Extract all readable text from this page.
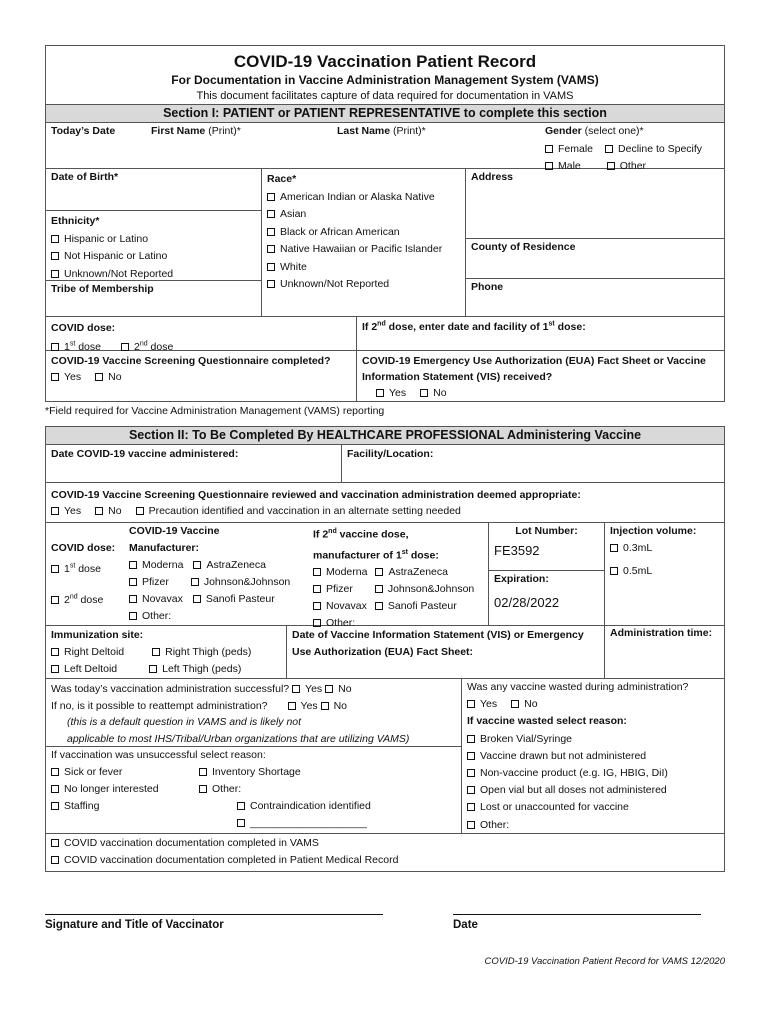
COVID-19 Vaccination Patient Record
For Documentation in Vaccine Administration Management System (VAMS)
This document facilitates capture of data required for documentation in VAMS
Section I: PATIENT or PATIENT REPRESENTATIVE to complete this section
Today’s Date	First Name (Print)*	Last Name (Print)*	Gender (select one)*
Female Decline to Specify
Male	Other
Date of Birth*
Ethnicity*
Hispanic or Latino
Not Hispanic or Latino
Unknown/Not Reported
Tribe of Membership
Race*
American Indian or Alaska Native
Asian
Black or African American
Native Hawaiian or Pacific Islander
White
Unknown/Not Reported
Address
County of Residence
Phone
COVID dose:
1st dose	2nd dose
If 2nd dose, enter date and facility of 1st dose:
COVID-19 Vaccine Screening Questionnaire completed?
Yes	No
COVID-19 Emergency Use Authorization (EUA) Fact Sheet or Vaccine Information Statement (VIS) received?
Yes	No
*Field required for Vaccine Administration Management (VAMS) reporting
Section II: To Be Completed By HEALTHCARE PROFESSIONAL Administering Vaccine
Date COVID-19 vaccine administered:	Facility/Location:
COVID-19 Vaccine Screening Questionnaire reviewed and vaccination administration deemed appropriate:
Yes	No	Precaution identified and vaccination in an alternate setting needed
COVID dose:
1st dose
2nd dose
COVID-19 Vaccine
Manufacturer:
Moderna AstraZeneca
Pfizer	Johnson&Johnson
Novavax Sanofi Pasteur
Other:
If 2nd vaccine dose,
manufacturer of 1st dose:
Moderna AstraZeneca
Pfizer	Johnson&Johnson
Novavax Sanofi Pasteur
Other:
Lot Number:
FE3592
Expiration:
02/28/2022
Injection volume:
0.3mL
0.5mL
Immunization site:
Right Deltoid	Right Thigh (peds)
Left Deltoid	Left Thigh (peds)
Date of Vaccine Information Statement (VIS) or Emergency Use Authorization (EUA) Fact Sheet:
Administration time:
Was today’s vaccination administration successful? Yes No
If no, is it possible to reattempt administration?	Yes No
(this is a default question in VAMS and is likely not
applicable to most IHS/Tribal/Urban organizations that are utilizing VAMS)
If vaccination was unsuccessful select reason:
Sick or fever	Inventory Shortage
No longer interested	Other:
Staffing	Contraindication identified
____________________
Was any vaccine wasted during administration?
Yes	No
If vaccine wasted select reason:
Broken Vial/Syringe
Vaccine drawn but not administered
Non-vaccine product (e.g. IG, HBIG, DiI)
Open vial but all doses not administered
Lost or unaccounted for vaccine
Other:
COVID vaccination documentation completed in VAMS
COVID vaccination documentation completed in Patient Medical Record
Signature and Title of Vaccinator	Date
COVID-19 Vaccination Patient Record for VAMS 12/2020
